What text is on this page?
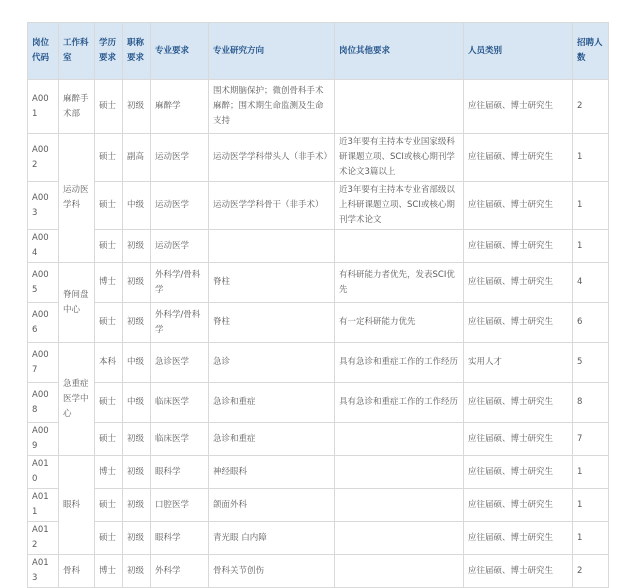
岗位代码	工作科室	学历要求	职称要求	专业要求	专业研究方向	岗位其他要求	人员类别	招聘人数
A001	麻醉手术部	硕士	初级	麻醉学	围术期脑保护；微创骨科手术麻醉；围术期生命监测及生命支持		应往届硕、博士研究生	2
A002	运动医学科	硕士	副高	运动医学	运动医学学科带头人（非手术）	近3年要有主持本专业国家级科研课题立项、SCI或核心期刊学术论文3篇以上	应往届硕、博士研究生	1
A003		硕士	中级	运动医学	运动医学学科骨干（非手术）	近3年要有主持本专业省部级以上科研课题立项、SCI或核心期刊学术论文	应往届硕、博士研究生	1
A004		硕士	初级	运动医学			应往届硕、博士研究生	1
A005	脊间盘中心	博士	初级	外科学/骨科学	脊柱	有科研能力者优先，发表SCI优先	应往届硕、博士研究生	4
A006		硕士	初级	外科学/骨科学	脊柱	有一定科研能力优先	应往届硕、博士研究生	6
A007	急重症医学中心	本科	中级	急诊医学	急诊	具有急诊和重症工作的工作经历	实用人才	5
A008		硕士	中级	临床医学	急诊和重症	具有急诊和重症工作的工作经历	应往届硕、博士研究生	8
A009		硕士	初级	临床医学	急诊和重症		应往届硕、博士研究生	7
A010	眼科	博士	初级	眼科学	神经眼科		应往届硕、博士研究生	1
A011		硕士	初级	口腔医学	颌面外科		应往届硕、博士研究生	1
A012		硕士	初级	眼科学	青光眼 白内障		应往届硕、博士研究生	1
A013	骨科	博士	初级	外科学	骨科关节创伤		应往届硕、博士研究生	2
